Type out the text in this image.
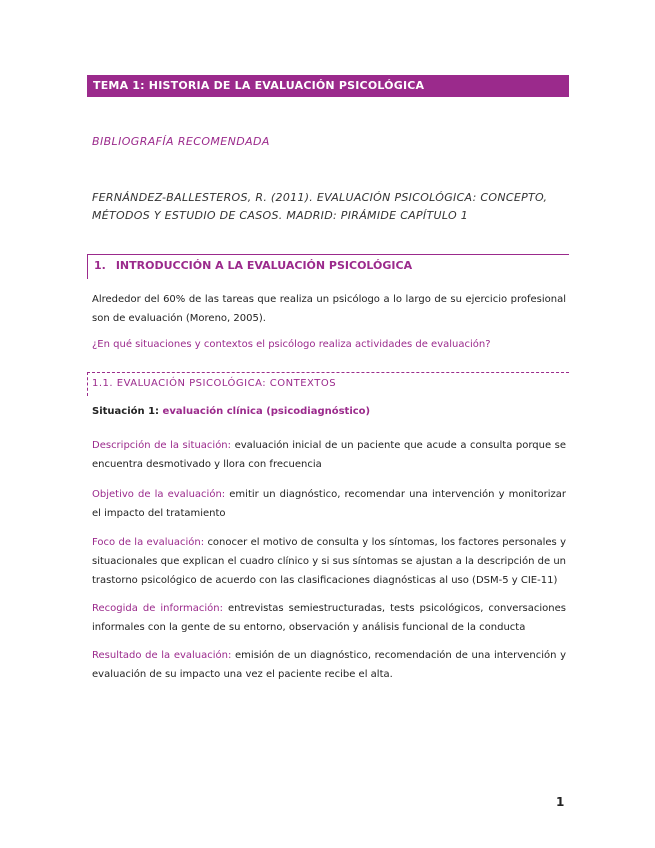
TEMA 1: HISTORIA DE LA EVALUACIÓN PSICOLÓGICA
BIBLIOGRAFÍA RECOMENDADA
FERNÁNDEZ-BALLESTEROS, R. (2011). EVALUACIÓN PSICOLÓGICA: CONCEPTO, MÉTODOS Y ESTUDIO DE CASOS. MADRID: PIRÁMIDE CAPÍTULO 1
1. INTRODUCCIÓN A LA EVALUACIÓN PSICOLÓGICA
Alrededor del 60% de las tareas que realiza un psicólogo a lo largo de su ejercicio profesional son de evaluación (Moreno, 2005).
¿En qué situaciones y contextos el psicólogo realiza actividades de evaluación?
1.1. EVALUACIÓN PSICOLÓGICA: CONTEXTOS
Situación 1: evaluación clínica (psicodiagnóstico)
Descripción de la situación: evaluación inicial de un paciente que acude a consulta porque se encuentra desmotivado y llora con frecuencia
Objetivo de la evaluación: emitir un diagnóstico, recomendar una intervención y monitorizar el impacto del tratamiento
Foco de la evaluación: conocer el motivo de consulta y los síntomas, los factores personales y situacionales que explican el cuadro clínico y si sus síntomas se ajustan a la descripción de un trastorno psicológico de acuerdo con las clasificaciones diagnósticas al uso (DSM-5 y CIE-11)
Recogida de información: entrevistas semiestructuradas, tests psicológicos, conversaciones informales con la gente de su entorno, observación y análisis funcional de la conducta
Resultado de la evaluación: emisión de un diagnóstico, recomendación de una intervención y evaluación de su impacto una vez el paciente recibe el alta.
1
